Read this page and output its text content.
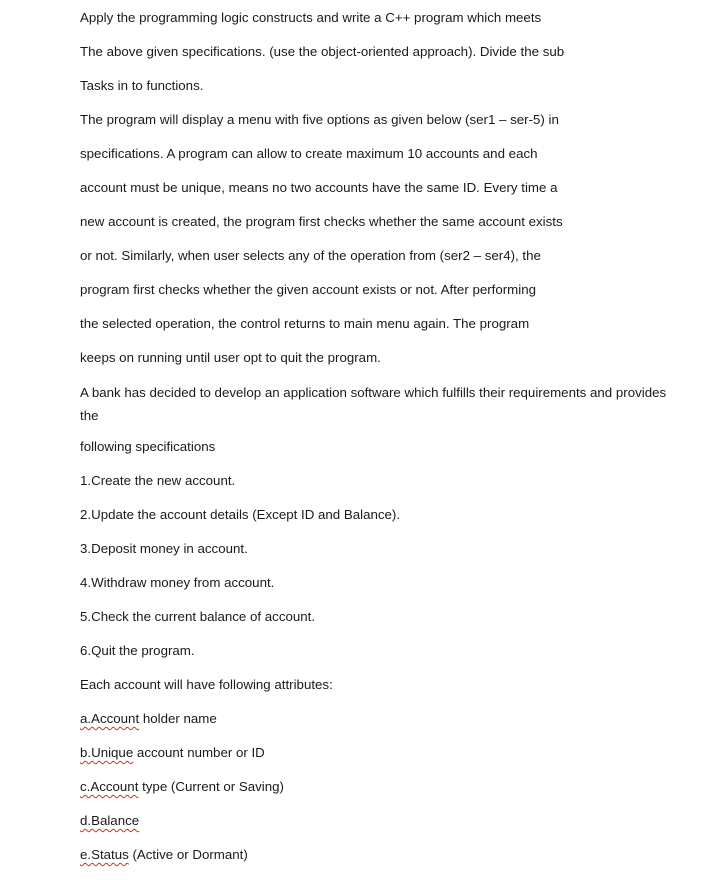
Apply the programming logic constructs and write a C++ program which meets

The above given specifications. (use the object-oriented approach). Divide the sub

Tasks in to functions.

The program will display a menu with five options as given below (ser1 – ser-5) in

specifications. A program can allow to create maximum 10 accounts and each

account must be unique, means no two accounts have the same ID. Every time a

new account is created, the program first checks whether the same account exists

or not. Similarly, when user selects any of the operation from (ser2 – ser4), the

program first checks whether the given account exists or not. After performing

the selected operation, the control returns to main menu again. The program

keeps on running until user opt to quit the program.

A bank has decided to develop an application software which fulfills their requirements and provides the

following specifications

1.Create the new account.

2.Update the account details (Except ID and Balance).

3.Deposit money in account.

4.Withdraw money from account.

5.Check the current balance of account.

6.Quit the program.

Each account will have following attributes:

a.Account holder name

b.Unique account number or ID

c.Account type (Current or Saving)

d.Balance

e.Status (Active or Dormant)
